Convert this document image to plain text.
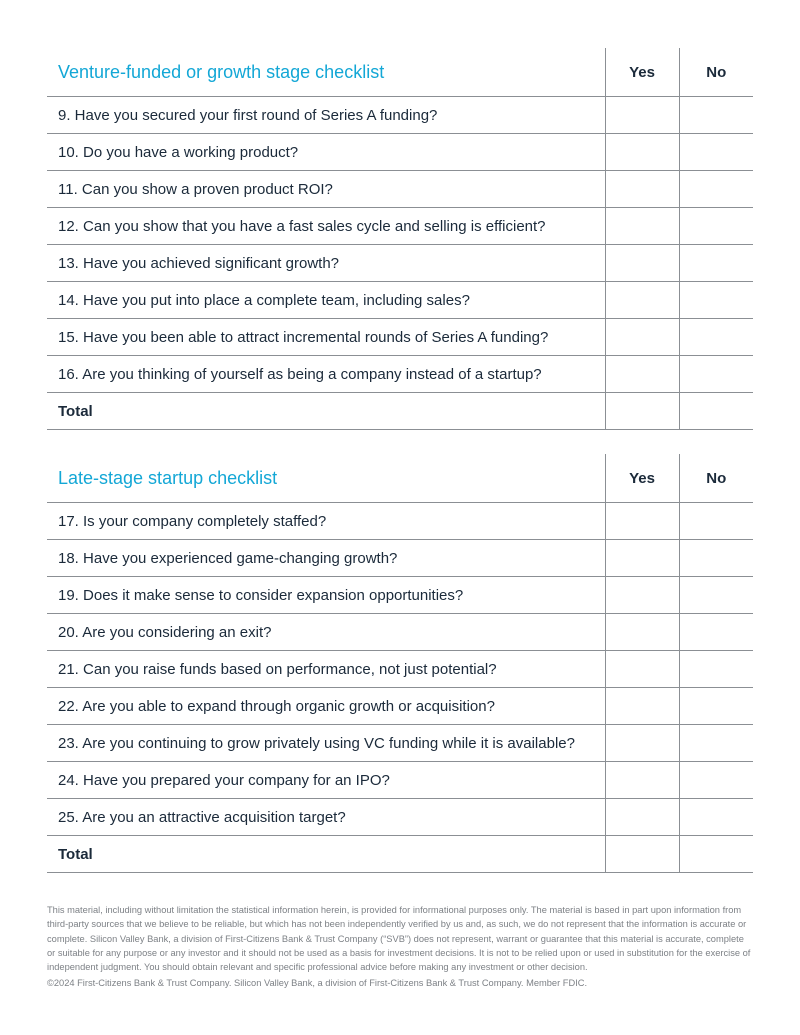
Venture-funded or growth stage checklist	Yes	No
9. Have you secured your first round of Series A funding?		
10. Do you have a working product?		
11. Can you show a proven product ROI?		
12. Can you show that you have a fast sales cycle and selling is efficient?		
13. Have you achieved significant growth?		
14. Have you put into place a complete team, including sales?		
15. Have you been able to attract incremental rounds of Series A funding?		
16. Are you thinking of yourself as being a company instead of a startup?		
Total		
Late-stage startup checklist	Yes	No
17. Is your company completely staffed?		
18. Have you experienced game-changing growth?		
19. Does it make sense to consider expansion opportunities?		
20. Are you considering an exit?		
21. Can you raise funds based on performance, not just potential?		
22. Are you able to expand through organic growth or acquisition?		
23. Are you continuing to grow privately using VC funding while it is available?		
24. Have you prepared your company for an IPO?		
25. Are you an attractive acquisition target?		
Total		

This material, including without limitation the statistical information herein, is provided for informational purposes only. The material is based in part upon information from third-party sources that we believe to be reliable, but which has not been independently verified by us and, as such, we do not represent that the information is accurate or complete. Silicon Valley Bank, a division of First-Citizens Bank & Trust Company (“SVB”) does not represent, warrant or guarantee that this material is accurate, complete or suitable for any purpose or any investor and it should not be used as a basis for investment decisions. It is not to be relied upon or used in substitution for the exercise of independent judgment. You should obtain relevant and specific professional advice before making any investment or other decision.

©2024 First-Citizens Bank & Trust Company. Silicon Valley Bank, a division of First-Citizens Bank & Trust Company. Member FDIC.
